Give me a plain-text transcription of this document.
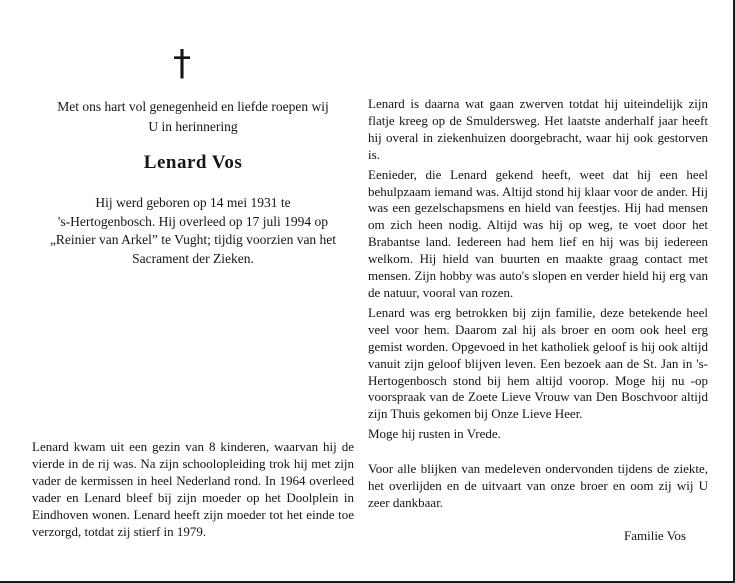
†
Met ons hart vol genegenheid en liefde roepen wij
U in herinnering
Lenard Vos
Hij werd geboren op 14 mei 1931 te
's-Hertogenbosch. Hij overleed op 17 juli 1994 op
„Reinier van Arkel” te Vught; tijdig voorzien van het
Sacrament der Zieken.

Lenard kwam uit een gezin van 8 kinderen, waarvan hij de vierde in de rij was. Na zijn schoolopleiding trok hij met zijn vader de kermissen in heel Nederland rond. In 1964 overleed vader en Lenard bleef bij zijn moeder op het Doolplein in Eindhoven wonen. Lenard heeft zijn moeder tot het einde toe verzorgd, totdat zij stierf in 1979.

Lenard is daarna wat gaan zwerven totdat hij uiteindelijk zijn flatje kreeg op de Smuldersweg. Het laatste anderhalf jaar heeft hij overal in ziekenhuizen doorgebracht, waar hij ook gestorven is.

Eenieder, die Lenard gekend heeft, weet dat hij een heel behulpzaam iemand was. Altijd stond hij klaar voor de ander. Hij was een gezelschapsmens en hield van feestjes. Hij had mensen om zich heen nodig. Altijd was hij op weg, te voet door het Brabantse land. Iedereen had hem lief en hij was bij iedereen welkom. Hij hield van buurten en maakte graag contact met mensen. Zijn hobby was auto's slopen en verder hield hij erg van de natuur, vooral van rozen.

Lenard was erg betrokken bij zijn familie, deze betekende heel veel voor hem. Daarom zal hij als broer en oom ook heel erg gemist worden. Opgevoed in het katholiek geloof is hij ook altijd vanuit zijn geloof blijven leven. Een bezoek aan de St. Jan in 's-Hertogenbosch stond bij hem altijd voorop. Moge hij nu -op voorspraak van de Zoete Lieve Vrouw van Den Boschvoor altijd zijn Thuis gekomen bij Onze Lieve Heer.

Moge hij rusten in Vrede.

Voor alle blijken van medeleven ondervonden tijdens de ziekte, het overlijden en de uitvaart van onze broer en oom zij wij U zeer dankbaar.

Familie Vos
